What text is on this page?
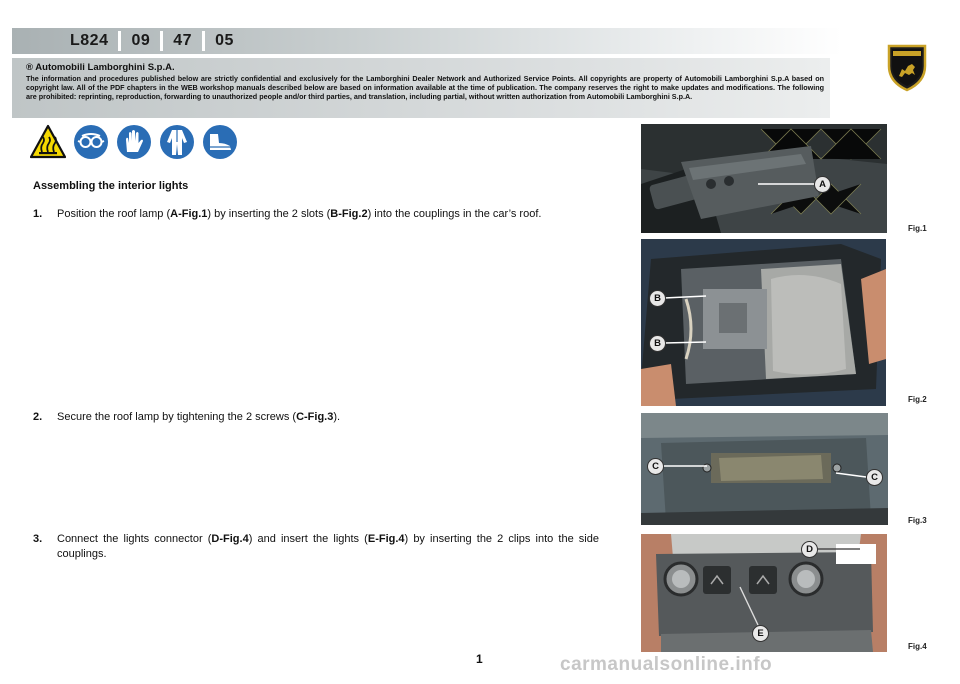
L824 09 47 05

® Automobili Lamborghini S.p.A.

The information and procedures published below are strictly confidential and exclusively for the Lamborghini Dealer Network and Authorized Service Points. All copyrights are property of Automobili Lamborghini S.p.A based on copyright law. All of the PDF chapters in the WEB workshop manuals described below are based on information available at the time of publication. The company reserves the right to make updates and modifications. The following are prohibited: reprinting, reproduction, forwarding to unauthorized people and/or third parties, and translation, including partial, without written authorization from Automobili Lamborghini S.p.A.

Assembling the interior lights
1.	Position the roof lamp (A-Fig.1) by inserting the 2 slots (B-Fig.2) into the couplings in the car’s roof.
2.	Secure the roof lamp by tightening the 2 screws (C-Fig.3).
3.	Connect the lights connector (D-Fig.4) and insert the lights (E-Fig.4) by inserting the 2 clips into the side couplings.
Fig.1
Fig.2
Fig.3
Fig.4
A
B
B
C
C
D
E
1	carmanualsonline.info
